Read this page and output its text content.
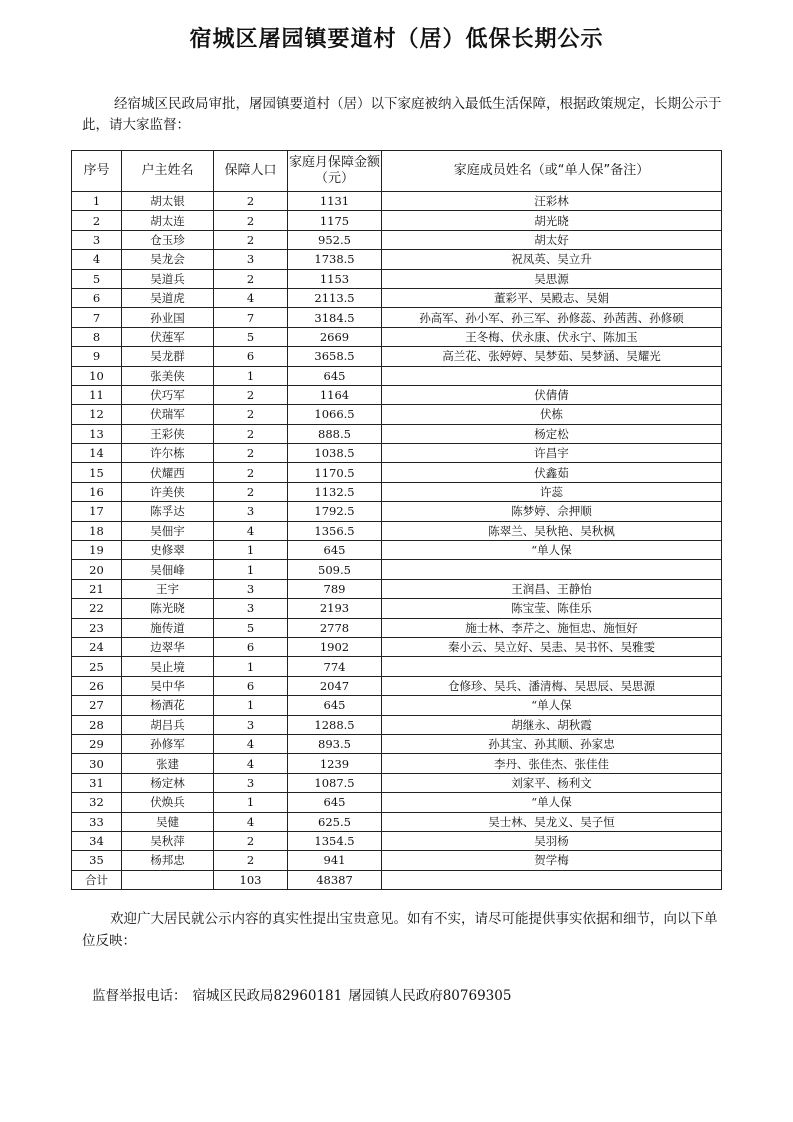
宿城区屠园镇要道村（居）低保长期公示

经宿城区民政局审批，屠园镇要道村（居）以下家庭被纳入最低生活保障，根据政策规定，长期公示于此，请大家监督：

序号	户主姓名	保障人口	家庭月保障金额（元）	家庭成员姓名（或“单人保”备注）
1	胡太银	2	1131	汪彩林
2	胡太连	2	1175	胡光晓
3	仓玉珍	2	952.5	胡太好
4	吴龙会	3	1738.5	祝凤英、吴立升
5	吴道兵	2	1153	吴思源
6	吴道虎	4	2113.5	董彩平、吴殿志、吴娟
7	孙业国	7	3184.5	孙高军、孙小军、孙三军、孙修蕊、孙茜茜、孙修硕
8	伏莲军	5	2669	王冬梅、伏永康、伏永宁、陈加玉
9	吴龙群	6	3658.5	高兰花、张婷婷、吴梦茹、吴梦涵、吴耀光
10	张美侠	1	645	
11	伏巧军	2	1164	伏倩倩
12	伏瑞军	2	1066.5	伏栋
13	王彩侠	2	888.5	杨定松
14	许尔栋	2	1038.5	许昌宇
15	伏耀西	2	1170.5	伏鑫茹
16	许美侠	2	1132.5	许蕊
17	陈孚达	3	1792.5	陈梦婷、佘押顺
18	吴佃宇	4	1356.5	陈翠兰、吴秋艳、吴秋枫
19	史修翠	1	645	“单人保
20	吴佃峰	1	509.5	
21	王宇	3	789	王润昌、王静怡
22	陈光晓	3	2193	陈宝莹、陈佳乐
23	施传道	5	2778	施士林、李芹之、施恒忠、施恒好
24	边翠华	6	1902	秦小云、吴立好、吴恚、吴书怀、吴雅雯
25	吴止境	1	774	
26	吴中华	6	2047	仓修珍、吴兵、潘清梅、吴思辰、吴思源
27	杨酒花	1	645	“单人保
28	胡吕兵	3	1288.5	胡继永、胡秋霞
29	孙修军	4	893.5	孙其宝、孙其顺、孙家忠
30	张建	4	1239	李丹、张佳杰、张佳佳
31	杨定林	3	1087.5	刘家平、杨利文
32	伏焕兵	1	645	“单人保
33	吴健	4	625.5	吴士林、吴龙义、吴子恒
34	吴秋萍	2	1354.5	吴羽杨
35	杨邦忠	2	941	贺学梅
合计		103	48387	

欢迎广大居民就公示内容的真实性提出宝贵意见。如有不实，请尽可能提供事实依据和细节，向以下单位反映：

监督举报电话： 宿城区民政局82960181 屠园镇人民政府80769305
